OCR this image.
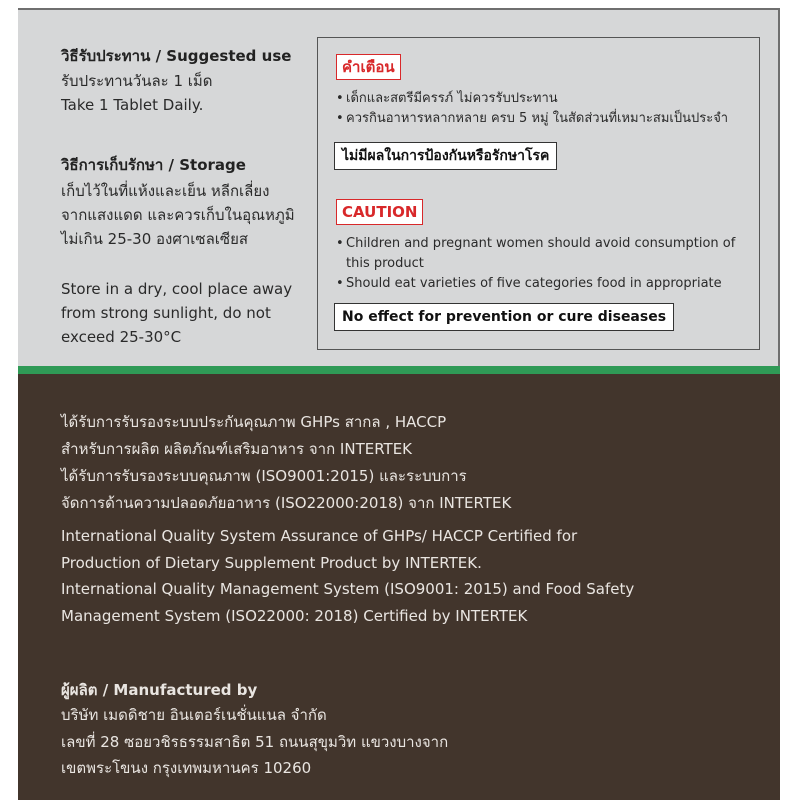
วิธีรับประทาน / Suggested use
รับประทานวันละ 1 เม็ด
Take 1 Tablet Daily.
วิธีการเก็บรักษา / Storage
เก็บไว้ในที่แห้งและเย็น หลีกเลี่ยง
จากแสงแดด และควรเก็บในอุณหภูมิ
ไม่เกิน 25-30 องศาเซลเซียส
Store in a dry, cool place away
from strong sunlight, do not
exceed 25-30°C
คำเตือน
• เด็กและสตรีมีครรภ์ ไม่ควรรับประทาน
• ควรกินอาหารหลากหลาย ครบ 5 หมู่ ในสัดส่วนที่เหมาะสมเป็นประจำ
ไม่มีผลในการป้องกันหรือรักษาโรค
CAUTION
• Children and pregnant women should avoid consumption of this product
• Should eat varieties of five categories food in appropriate
No effect for prevention or cure diseases
ได้รับการรับรองระบบประกันคุณภาพ GHPs สากล , HACCP
สำหรับการผลิต ผลิตภัณฑ์เสริมอาหาร จาก INTERTEK
ได้รับการรับรองระบบคุณภาพ (ISO9001:2015) และระบบการ
จัดการด้านความปลอดภัยอาหาร (ISO22000:2018) จาก INTERTEK
International Quality System Assurance of GHPs/ HACCP Certified for
Production of Dietary Supplement Product by INTERTEK.
International Quality Management System (ISO9001: 2015) and Food Safety
Management System (ISO22000: 2018) Certified by INTERTEK
ผู้ผลิต / Manufactured by
บริษัท เมดดิชาย อินเตอร์เนชั่นแนล จำกัด
เลขที่ 28 ซอยวชิรธรรมสาธิต 51 ถนนสุขุมวิท แขวงบางจาก
เขตพระโขนง กรุงเทพมหานคร 10260
